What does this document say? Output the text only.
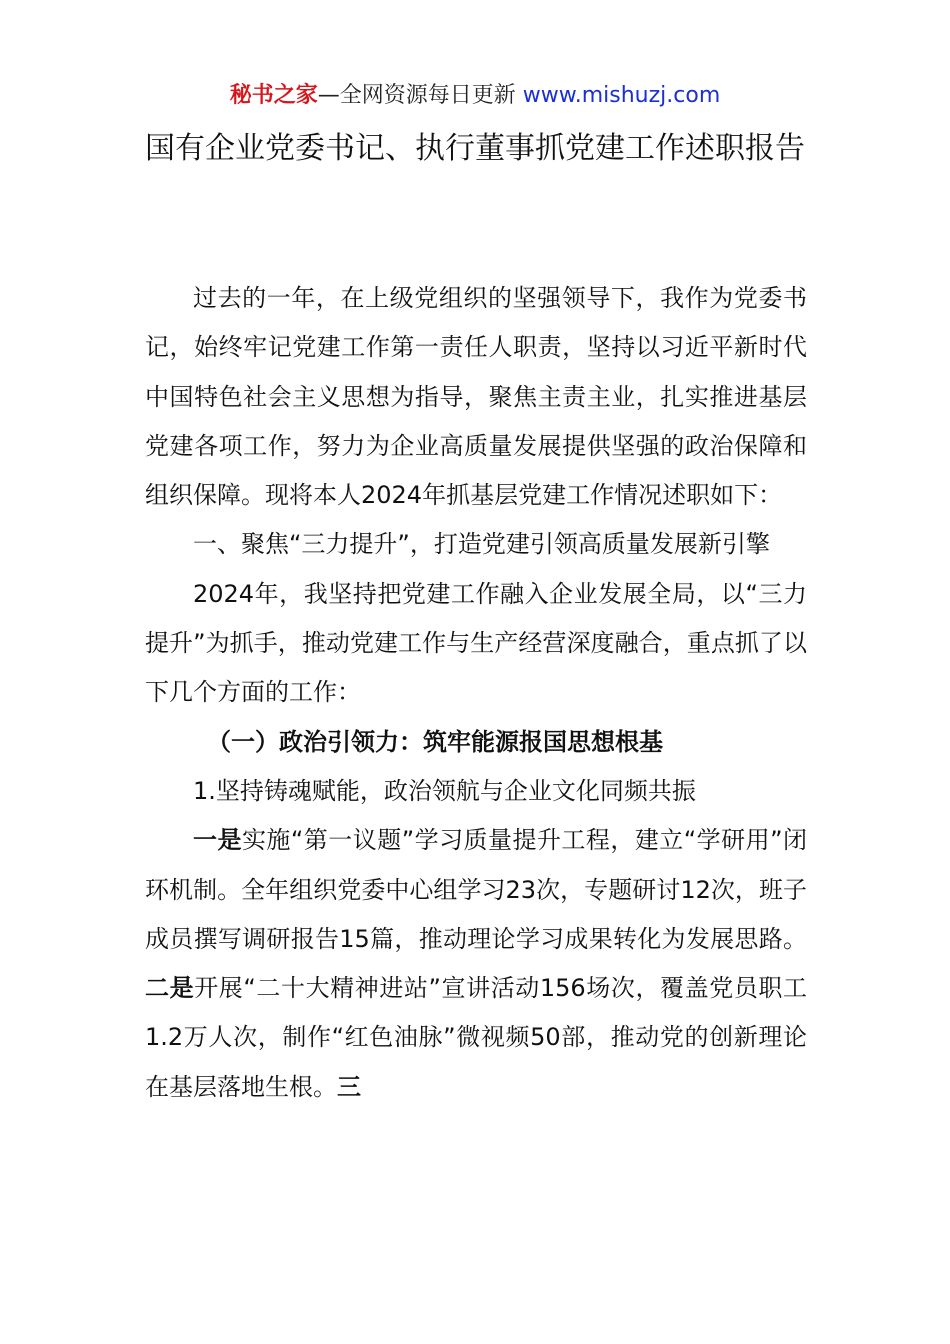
秘书之家—全网资源每日更新 www.mishuzj.com
国有企业党委书记、执行董事抓党建工作述职报告

过去的一年，在上级党组织的坚强领导下，我作为党委书记，始终牢记党建工作第一责任人职责，坚持以习近平新时代中国特色社会主义思想为指导，聚焦主责主业，扎实推进基层党建各项工作，努力为企业高质量发展提供坚强的政治保障和组织保障。现将本人2024年抓基层党建工作情况述职如下：

一、聚焦“三力提升”，打造党建引领高质量发展新引擎

2024年，我坚持把党建工作融入企业发展全局，以“三力提升”为抓手，推动党建工作与生产经营深度融合，重点抓了以下几个方面的工作：

（一）政治引领力：筑牢能源报国思想根基

1.坚持铸魂赋能，政治领航与企业文化同频共振

一是实施“第一议题”学习质量提升工程，建立“学研用”闭环机制。全年组织党委中心组学习23次，专题研讨12次，班子成员撰写调研报告15篇，推动理论学习成果转化为发展思路。二是开展“二十大精神进站”宣讲活动156场次，覆盖党员职工1.2万人次，制作“红色油脉”微视频50部，推动党的创新理论在基层落地生根。三
